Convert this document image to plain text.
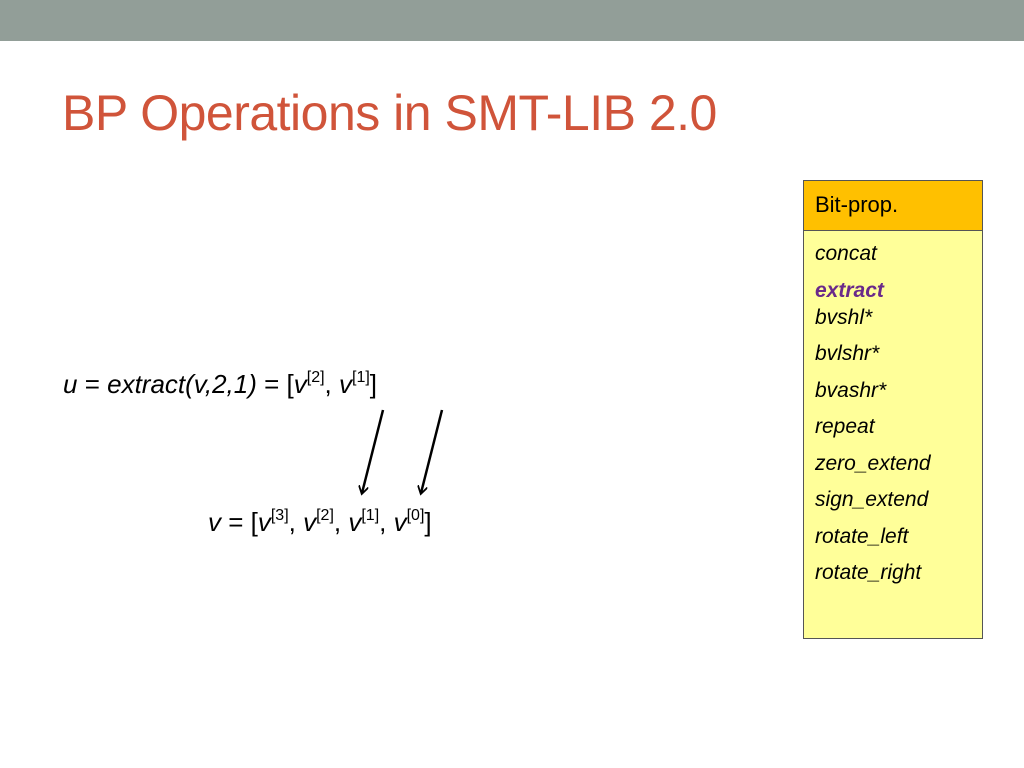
BP Operations in SMT-LIB 2.0
u = extract(v,2,1) = [v[2], v[1]]
v = [v[3], v[2], v[1], v[0]]
Bit-prop.
concat
extract
bvshl*
bvlshr*
bvashr*
repeat
zero_extend
sign_extend
rotate_left
rotate_right
